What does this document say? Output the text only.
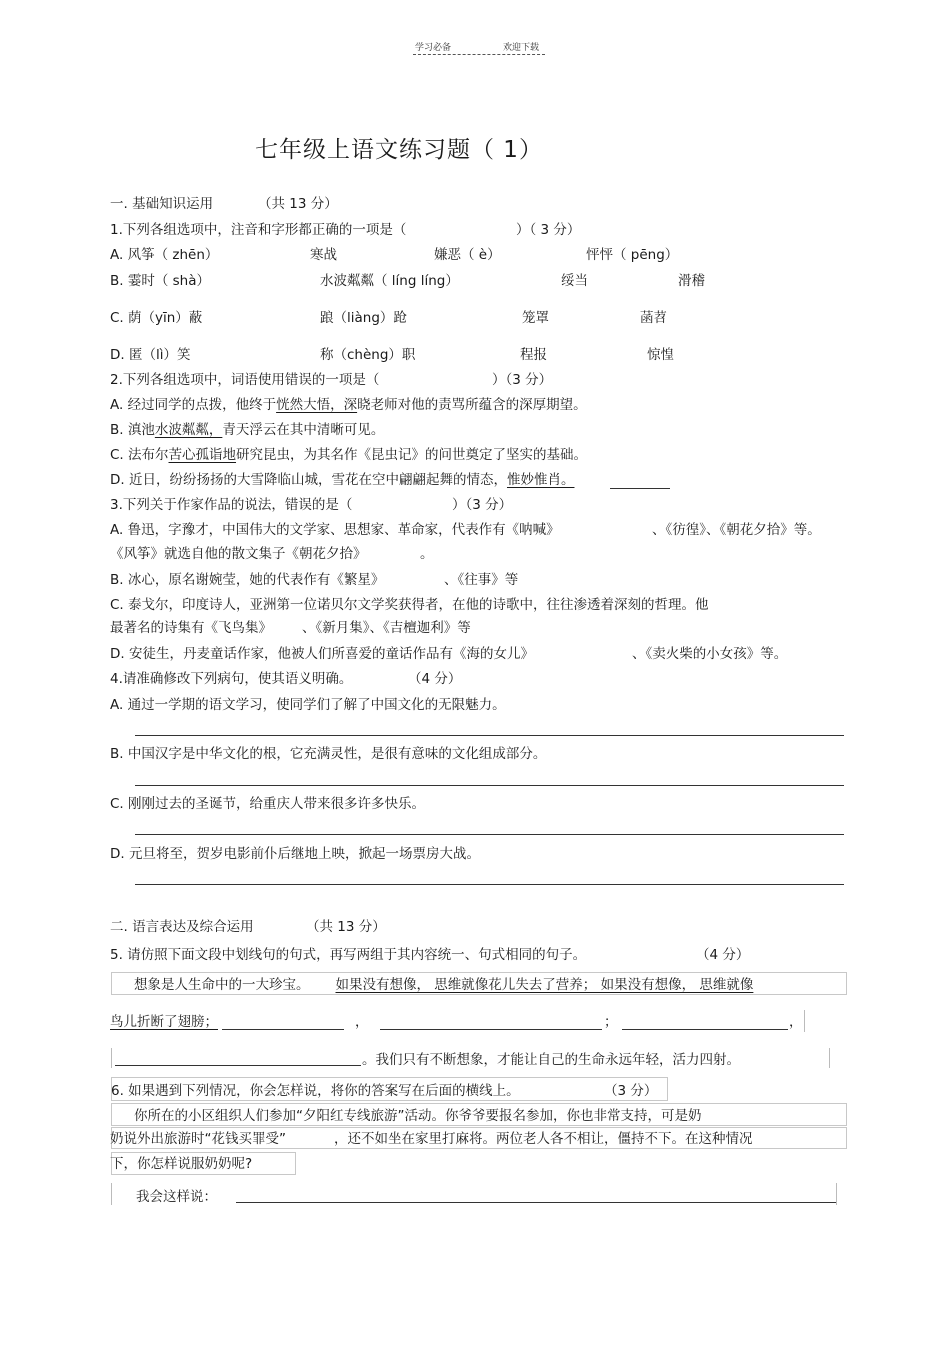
学习必备	欢迎下载
七年级上语文练习题（ 1）
一. 基础知识运用	（共 13 分）
1.下列各组选项中，注音和字形都正确的一项是（	）（ 3 分）
A. 风筝（ zhēn）	寒战	嫌恶（ è）	怦怦（ pēng）
B. 霎时（ shà）	水波粼粼（ líng líng）	绥当	滑稽
C. 荫（yīn）蔽	踉（liàng）跄	笼罩	菡苕
D. 匿（lì）笑	称（chèng）职	程报	惊惶
2.下列各组选项中，词语使用错误的一项是（	）（3 分）
A. 经过同学的点拨，他终于恍然大悟，深晓老师对他的责骂所蕴含的深厚期望。
B. 滇池水波粼粼，青天浮云在其中清晰可见。
C. 法布尔苦心孤诣地研究昆虫，为其名作《昆虫记》的问世奠定了坚实的基础。
D. 近日，纷纷扬扬的大雪降临山城，雪花在空中翩翩起舞的情态，惟妙惟肖。
3.下列关于作家作品的说法，错误的是（	）（3 分）
A. 鲁迅，字豫才，中国伟大的文学家、思想家、革命家，代表作有《呐喊》	、《彷徨》、《朝花夕拾》等。
《风筝》就选自他的散文集子《朝花夕拾》	。
B. 冰心，原名谢婉莹，她的代表作有《繁星》	、《往事》等
C. 泰戈尔，印度诗人，亚洲第一位诺贝尔文学奖获得者，在他的诗歌中，往往渗透着深刻的哲理。他
最著名的诗集有《飞鸟集》 、《新月集》、《吉檀迦利》等
D. 安徒生，丹麦童话作家，他被人们所喜爱的童话作品有《海的女儿》	、《卖火柴的小女孩》等。
4.请准确修改下列病句，使其语义明确。	（4 分）
A. 通过一学期的语文学习，使同学们了解了中国文化的无限魅力。
B. 中国汉字是中华文化的根，它充满灵性，是很有意味的文化组成部分。
C. 刚刚过去的圣诞节，给重庆人带来很多许多快乐。
D. 元旦将至，贺岁电影前仆后继地上映，掀起一场票房大战。
二. 语言表达及综合运用	（共 13 分）
5. 请仿照下面文段中划线句的句式，再写两组于其内容统一、句式相同的句子。	（4 分）
想象是人生命中的一大珍宝。 如果没有想像， 思维就像花儿失去了营养； 如果没有想像， 思维就像
鸟儿折断了翅膀；	，	；	，
。我们只有不断想象，才能让自己的生命永远年轻，活力四射。
6. 如果遇到下列情况，你会怎样说，将你的答案写在后面的横线上。	（3 分）
你所在的小区组织人们参加“夕阳红专线旅游”活动。你爷爷要报名参加，你也非常支持，可是奶
奶说外出旅游时“花钱买罪受”	，还不如坐在家里打麻将。两位老人各不相让，僵持不下。在这种情况
下，你怎样说服奶奶呢?
我会这样说：
